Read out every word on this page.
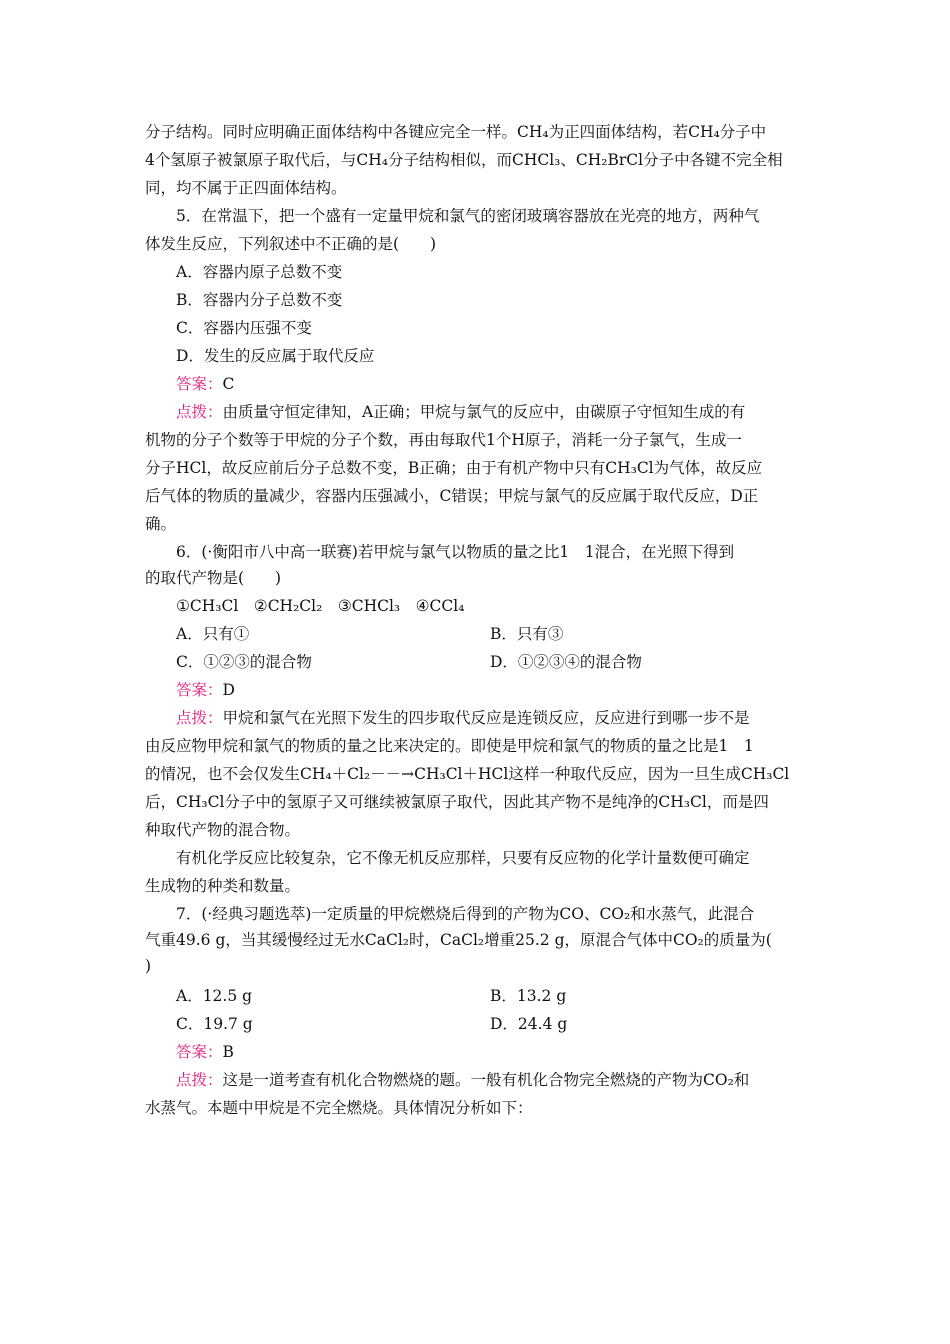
分子结构。同时应明确正面体结构中各键应完全一样。CH₄为正四面体结构，若CH₄分子中
4个氢原子被氯原子取代后，与CH₄分子结构相似，而CHCl₃、CH₂BrCl分子中各键不完全相
同，均不属于正四面体结构。
5．在常温下，把一个盛有一定量甲烷和氯气的密闭玻璃容器放在光亮的地方，两种气
体发生反应，下列叙述中不正确的是(　　)
A．容器内原子总数不变
B．容器内分子总数不变
C．容器内压强不变
D．发生的反应属于取代反应
答案：C
点拨：由质量守恒定律知，A正确；甲烷与氯气的反应中，由碳原子守恒知生成的有
机物的分子个数等于甲烷的分子个数，再由每取代1个H原子，消耗一分子氯气，生成一
分子HCl，故反应前后分子总数不变，B正确；由于有机产物中只有CH₃Cl为气体，故反应
后气体的物质的量减少，容器内压强减小，C错误；甲烷与氯气的反应属于取代反应，D正
确。
6．(·衡阳市八中高一联赛)若甲烷与氯气以物质的量之比1　1混合，在光照下得到
的取代产物是(　　)
①CH₃Cl　②CH₂Cl₂　③CHCl₃　④CCl₄
A．只有①	B．只有③
C．①②③的混合物	D．①②③④的混合物
答案：D
点拨：甲烷和氯气在光照下发生的四步取代反应是连锁反应，反应进行到哪一步不是
由反应物甲烷和氯气的物质的量之比来决定的。即使是甲烷和氯气的物质的量之比是1　1
的情况，也不会仅发生CH₄＋Cl₂－－→CH₃Cl＋HCl这样一种取代反应，因为一旦生成CH₃Cl
后，CH₃Cl分子中的氢原子又可继续被氯原子取代，因此其产物不是纯净的CH₃Cl，而是四
种取代产物的混合物。
有机化学反应比较复杂，它不像无机反应那样，只要有反应物的化学计量数便可确定
生成物的种类和数量。
7．(·经典习题选萃)一定质量的甲烷燃烧后得到的产物为CO、CO₂和水蒸气，此混合
气重49.6 g，当其缓慢经过无水CaCl₂时，CaCl₂增重25.2 g，原混合气体中CO₂的质量为(
)
A．12.5 g	B．13.2 g
C．19.7 g	D．24.4 g
答案：B
点拨：这是一道考查有机化合物燃烧的题。一般有机化合物完全燃烧的产物为CO₂和
水蒸气。本题中甲烷是不完全燃烧。具体情况分析如下：
